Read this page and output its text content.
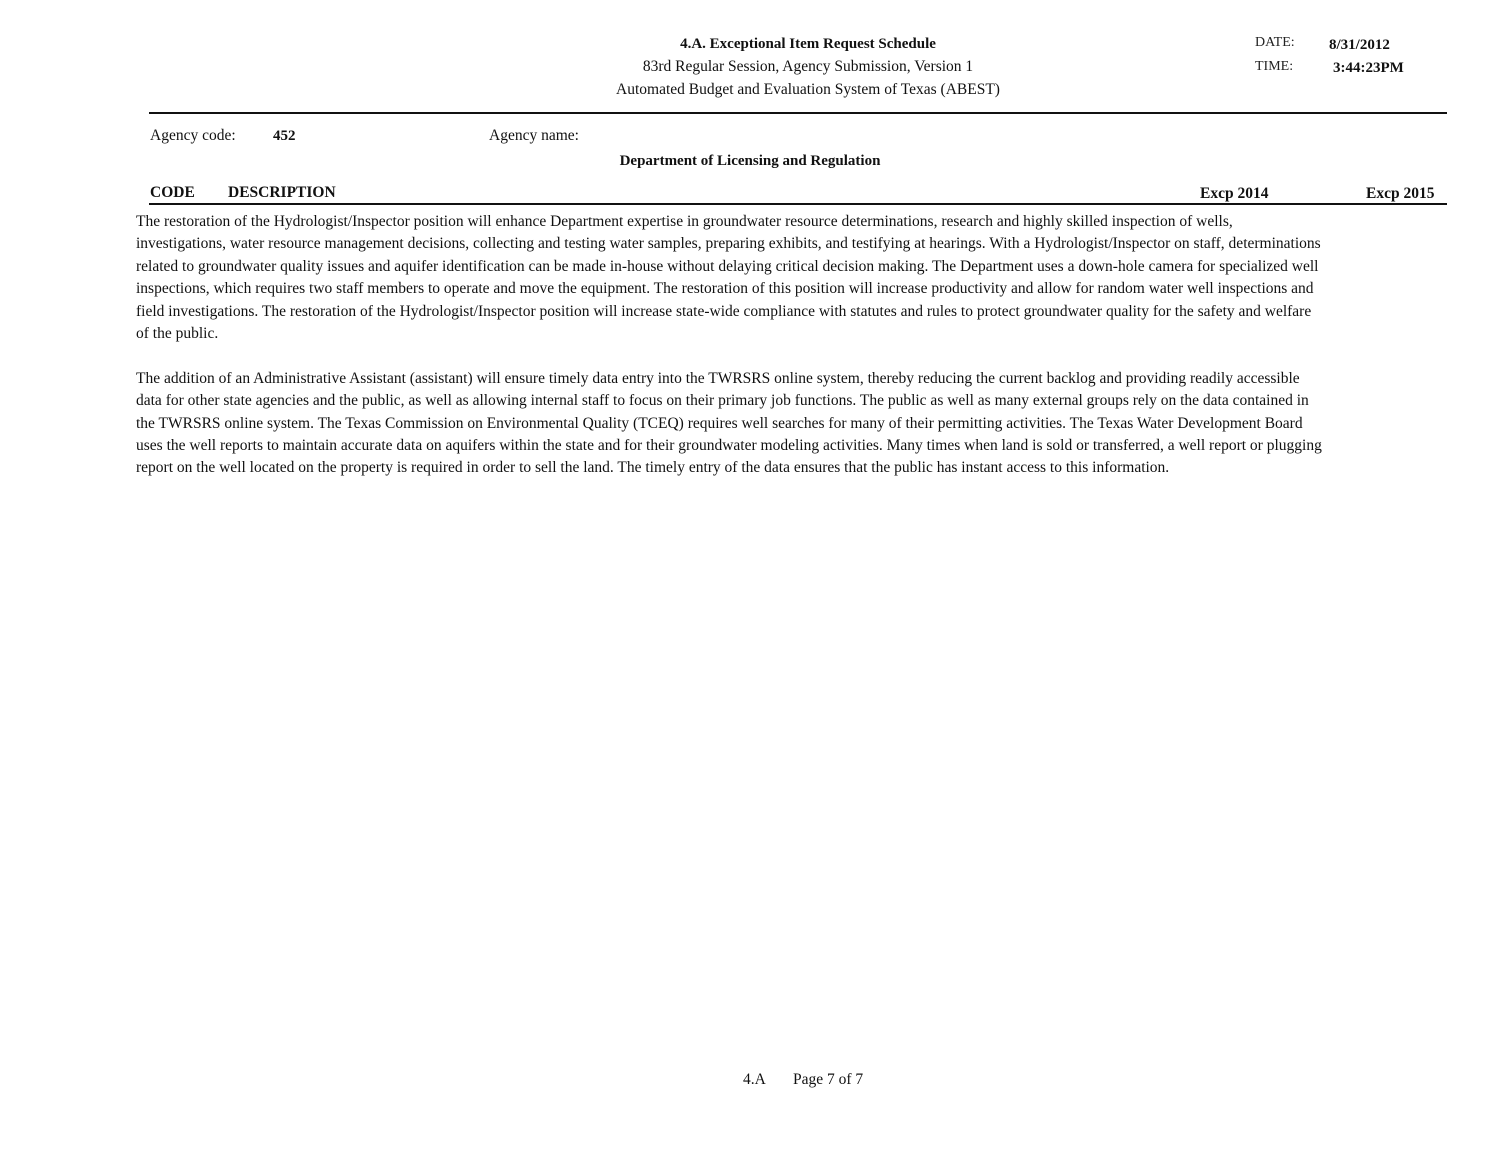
4.A. Exceptional Item Request Schedule
83rd Regular Session, Agency Submission, Version 1
Automated Budget and Evaluation System of Texas (ABEST)
DATE: 8/31/2012
TIME:	3:44:23PM
Agency code: 452	Agency name:
Department of Licensing and Regulation
CODE DESCRIPTION	Excp 2014	Excp 2015

The restoration of the Hydrologist/Inspector position will enhance Department expertise in groundwater resource determinations, research and highly skilled inspection of wells, investigations, water resource management decisions, collecting and testing water samples, preparing exhibits, and testifying at hearings. With a Hydrologist/Inspector on staff, determinations related to groundwater quality issues and aquifer identification can be made in-house without delaying critical decision making. The Department uses a down-hole camera for specialized well inspections, which requires two staff members to operate and move the equipment. The restoration of this position will increase productivity and allow for random water well inspections and field investigations. The restoration of the Hydrologist/Inspector position will increase state-wide compliance with statutes and rules to protect groundwater quality for the safety and welfare of the public.

The addition of an Administrative Assistant (assistant) will ensure timely data entry into the TWRSRS online system, thereby reducing the current backlog and providing readily accessible data for other state agencies and the public, as well as allowing internal staff to focus on their primary job functions. The public as well as many external groups rely on the data contained in the TWRSRS online system. The Texas Commission on Environmental Quality (TCEQ) requires well searches for many of their permitting activities. The Texas Water Development Board uses the well reports to maintain accurate data on aquifers within the state and for their groundwater modeling activities. Many times when land is sold or transferred, a well report or plugging report on the well located on the property is required in order to sell the land. The timely entry of the data ensures that the public has instant access to this information.

4.A Page 7 of 7
